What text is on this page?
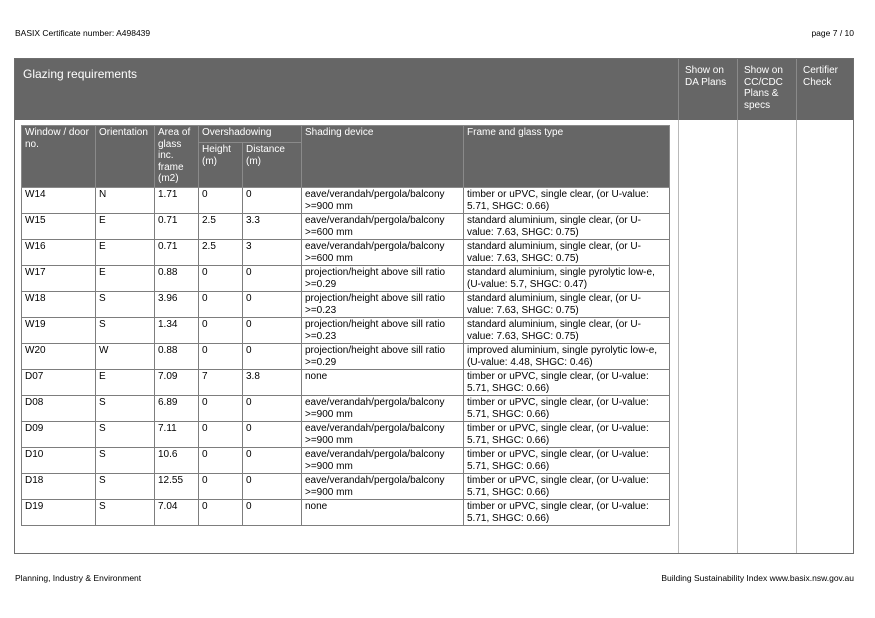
BASIX Certificate number: A498439	page 7 / 10
Glazing requirements	Show on DA Plans
Show on CC/CDC Plans & specs
Certifier Check
Window / door no.	Orientation	Area of glass inc. frame (m2)	Overshadowing		Shading device	Frame and glass type
			Height (m)	Distance (m)		
W14	N	1.71	0	0	eave/verandah/pergola/balcony >=900 mm	timber or uPVC, single clear, (or U-value: 5.71, SHGC: 0.66)
W15	E	0.71	2.5	3.3	eave/verandah/pergola/balcony >=600 mm	standard aluminium, single clear, (or U-value: 7.63, SHGC: 0.75)
W16	E	0.71	2.5	3	eave/verandah/pergola/balcony >=600 mm	standard aluminium, single clear, (or U-value: 7.63, SHGC: 0.75)
W17	E	0.88	0	0	projection/height above sill ratio >=0.29	standard aluminium, single pyrolytic low-e, (U-value: 5.7, SHGC: 0.47)
W18	S	3.96	0	0	projection/height above sill ratio >=0.23	standard aluminium, single clear, (or U-value: 7.63, SHGC: 0.75)
W19	S	1.34	0	0	projection/height above sill ratio >=0.23	standard aluminium, single clear, (or U-value: 7.63, SHGC: 0.75)
W20	W	0.88	0	0	projection/height above sill ratio >=0.29	improved aluminium, single pyrolytic low-e, (U-value: 4.48, SHGC: 0.46)
D07	E	7.09	7	3.8	none	timber or uPVC, single clear, (or U-value: 5.71, SHGC: 0.66)
D08	S	6.89	0	0	eave/verandah/pergola/balcony >=900 mm	timber or uPVC, single clear, (or U-value: 5.71, SHGC: 0.66)
D09	S	7.11	0	0	eave/verandah/pergola/balcony >=900 mm	timber or uPVC, single clear, (or U-value: 5.71, SHGC: 0.66)
D10	S	10.6	0	0	eave/verandah/pergola/balcony >=900 mm	timber or uPVC, single clear, (or U-value: 5.71, SHGC: 0.66)
D18	S	12.55	0	0	eave/verandah/pergola/balcony >=900 mm	timber or uPVC, single clear, (or U-value: 5.71, SHGC: 0.66)
D19	S	7.04	0	0	none	timber or uPVC, single clear, (or U-value: 5.71, SHGC: 0.66)
Planning, Industry & Environment	Building Sustainability Index www.basix.nsw.gov.au
